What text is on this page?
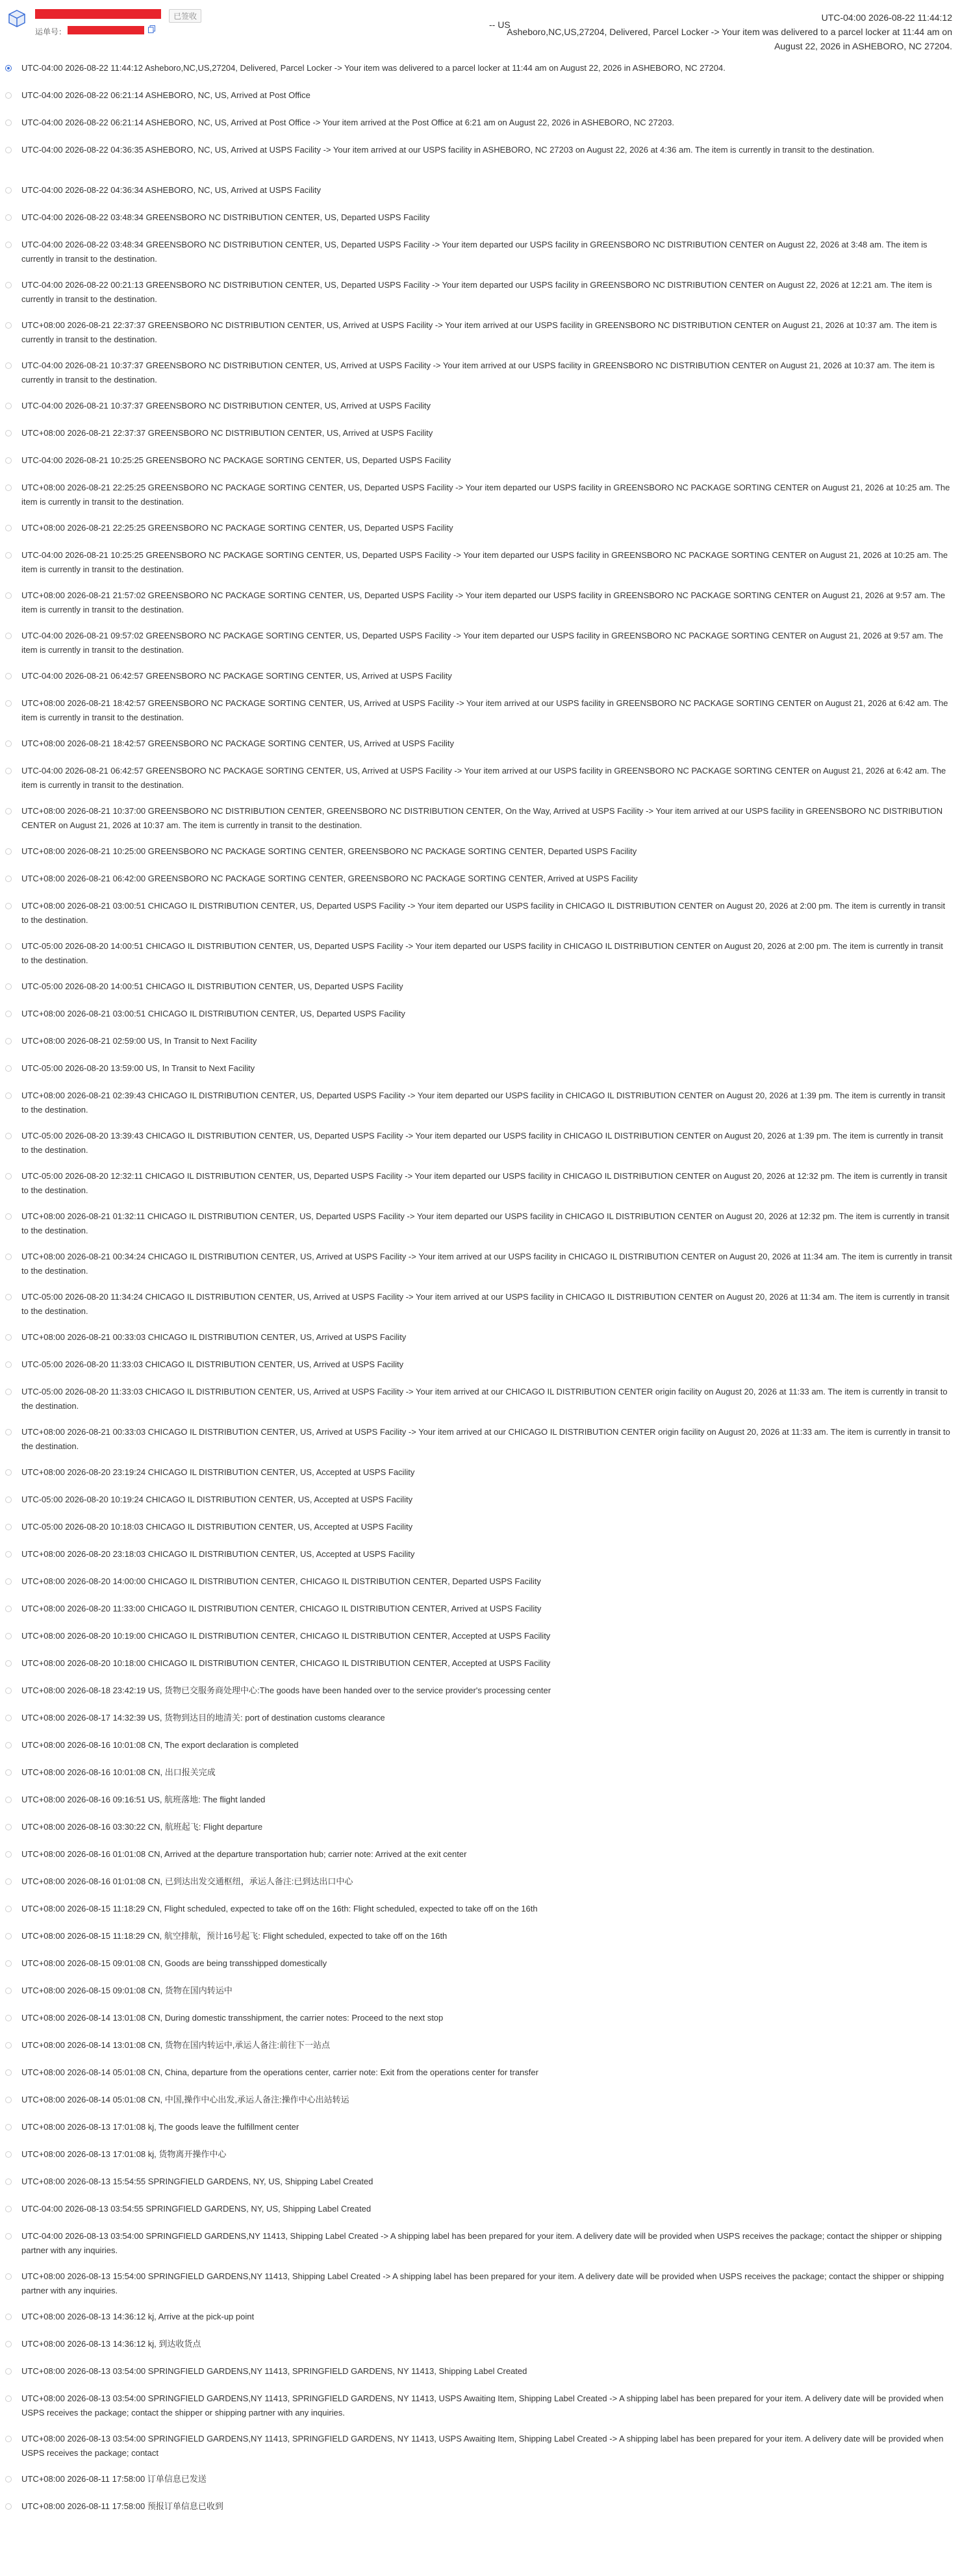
已签收
运单号：
-- US
UTC-04:00 2026-08-22 11:44:12
Asheboro,NC,US,27204, Delivered, Parcel Locker -> Your item was delivered to a parcel locker at 11:44 am on August 22, 2026 in ASHEBORO, NC 27204.
UTC-04:00 2026-08-22 11:44:12 Asheboro,NC,US,27204, Delivered, Parcel Locker -> Your item was delivered to a parcel locker at 11:44 am on August 22, 2026 in ASHEBORO, NC 27204.
UTC-04:00 2026-08-22 06:21:14 ASHEBORO, NC, US, Arrived at Post Office
UTC-04:00 2026-08-22 06:21:14 ASHEBORO, NC, US, Arrived at Post Office -> Your item arrived at the Post Office at 6:21 am on August 22, 2026 in ASHEBORO, NC 27203.
UTC-04:00 2026-08-22 04:36:35 ASHEBORO, NC, US, Arrived at USPS Facility -> Your item arrived at our USPS facility in ASHEBORO, NC 27203 on August 22, 2026 at 4:36 am. The item is currently in transit to the destination.
UTC-04:00 2026-08-22 04:36:34 ASHEBORO, NC, US, Arrived at USPS Facility
UTC-04:00 2026-08-22 03:48:34 GREENSBORO NC DISTRIBUTION CENTER, US, Departed USPS Facility
UTC-04:00 2026-08-22 03:48:34 GREENSBORO NC DISTRIBUTION CENTER, US, Departed USPS Facility -> Your item departed our USPS facility in GREENSBORO NC DISTRIBUTION CENTER on August 22, 2026 at 3:48 am. The item is currently in transit to the destination.
UTC-04:00 2026-08-22 00:21:13 GREENSBORO NC DISTRIBUTION CENTER, US, Departed USPS Facility -> Your item departed our USPS facility in GREENSBORO NC DISTRIBUTION CENTER on August 22, 2026 at 12:21 am. The item is currently in transit to the destination.
UTC+08:00 2026-08-21 22:37:37 GREENSBORO NC DISTRIBUTION CENTER, US, Arrived at USPS Facility -> Your item arrived at our USPS facility in GREENSBORO NC DISTRIBUTION CENTER on August 21, 2026 at 10:37 am. The item is currently in transit to the destination.
UTC-04:00 2026-08-21 10:37:37 GREENSBORO NC DISTRIBUTION CENTER, US, Arrived at USPS Facility -> Your item arrived at our USPS facility in GREENSBORO NC DISTRIBUTION CENTER on August 21, 2026 at 10:37 am. The item is currently in transit to the destination.
UTC-04:00 2026-08-21 10:37:37 GREENSBORO NC DISTRIBUTION CENTER, US, Arrived at USPS Facility
UTC+08:00 2026-08-21 22:37:37 GREENSBORO NC DISTRIBUTION CENTER, US, Arrived at USPS Facility
UTC-04:00 2026-08-21 10:25:25 GREENSBORO NC PACKAGE SORTING CENTER, US, Departed USPS Facility
UTC+08:00 2026-08-21 22:25:25 GREENSBORO NC PACKAGE SORTING CENTER, US, Departed USPS Facility -> Your item departed our USPS facility in GREENSBORO NC PACKAGE SORTING CENTER on August 21, 2026 at 10:25 am. The item is currently in transit to the destination.
UTC+08:00 2026-08-21 22:25:25 GREENSBORO NC PACKAGE SORTING CENTER, US, Departed USPS Facility
UTC-04:00 2026-08-21 10:25:25 GREENSBORO NC PACKAGE SORTING CENTER, US, Departed USPS Facility -> Your item departed our USPS facility in GREENSBORO NC PACKAGE SORTING CENTER on August 21, 2026 at 10:25 am. The item is currently in transit to the destination.
UTC+08:00 2026-08-21 21:57:02 GREENSBORO NC PACKAGE SORTING CENTER, US, Departed USPS Facility -> Your item departed our USPS facility in GREENSBORO NC PACKAGE SORTING CENTER on August 21, 2026 at 9:57 am. The item is currently in transit to the destination.
UTC-04:00 2026-08-21 09:57:02 GREENSBORO NC PACKAGE SORTING CENTER, US, Departed USPS Facility -> Your item departed our USPS facility in GREENSBORO NC PACKAGE SORTING CENTER on August 21, 2026 at 9:57 am. The item is currently in transit to the destination.
UTC-04:00 2026-08-21 06:42:57 GREENSBORO NC PACKAGE SORTING CENTER, US, Arrived at USPS Facility
UTC+08:00 2026-08-21 18:42:57 GREENSBORO NC PACKAGE SORTING CENTER, US, Arrived at USPS Facility -> Your item arrived at our USPS facility in GREENSBORO NC PACKAGE SORTING CENTER on August 21, 2026 at 6:42 am. The item is currently in transit to the destination.
UTC+08:00 2026-08-21 18:42:57 GREENSBORO NC PACKAGE SORTING CENTER, US, Arrived at USPS Facility
UTC-04:00 2026-08-21 06:42:57 GREENSBORO NC PACKAGE SORTING CENTER, US, Arrived at USPS Facility -> Your item arrived at our USPS facility in GREENSBORO NC PACKAGE SORTING CENTER on August 21, 2026 at 6:42 am. The item is currently in transit to the destination.
UTC+08:00 2026-08-21 10:37:00 GREENSBORO NC DISTRIBUTION CENTER, GREENSBORO NC DISTRIBUTION CENTER, On the Way, Arrived at USPS Facility -> Your item arrived at our USPS facility in GREENSBORO NC DISTRIBUTION CENTER on August 21, 2026 at 10:37 am. The item is currently in transit to the destination.
UTC+08:00 2026-08-21 10:25:00 GREENSBORO NC PACKAGE SORTING CENTER, GREENSBORO NC PACKAGE SORTING CENTER, Departed USPS Facility
UTC+08:00 2026-08-21 06:42:00 GREENSBORO NC PACKAGE SORTING CENTER, GREENSBORO NC PACKAGE SORTING CENTER, Arrived at USPS Facility
UTC+08:00 2026-08-21 03:00:51 CHICAGO IL DISTRIBUTION CENTER, US, Departed USPS Facility -> Your item departed our USPS facility in CHICAGO IL DISTRIBUTION CENTER on August 20, 2026 at 2:00 pm. The item is currently in transit to the destination.
UTC-05:00 2026-08-20 14:00:51 CHICAGO IL DISTRIBUTION CENTER, US, Departed USPS Facility -> Your item departed our USPS facility in CHICAGO IL DISTRIBUTION CENTER on August 20, 2026 at 2:00 pm. The item is currently in transit to the destination.
UTC-05:00 2026-08-20 14:00:51 CHICAGO IL DISTRIBUTION CENTER, US, Departed USPS Facility
UTC+08:00 2026-08-21 03:00:51 CHICAGO IL DISTRIBUTION CENTER, US, Departed USPS Facility
UTC+08:00 2026-08-21 02:59:00 US, In Transit to Next Facility
UTC-05:00 2026-08-20 13:59:00 US, In Transit to Next Facility
UTC+08:00 2026-08-21 02:39:43 CHICAGO IL DISTRIBUTION CENTER, US, Departed USPS Facility -> Your item departed our USPS facility in CHICAGO IL DISTRIBUTION CENTER on August 20, 2026 at 1:39 pm. The item is currently in transit to the destination.
UTC-05:00 2026-08-20 13:39:43 CHICAGO IL DISTRIBUTION CENTER, US, Departed USPS Facility -> Your item departed our USPS facility in CHICAGO IL DISTRIBUTION CENTER on August 20, 2026 at 1:39 pm. The item is currently in transit to the destination.
UTC-05:00 2026-08-20 12:32:11 CHICAGO IL DISTRIBUTION CENTER, US, Departed USPS Facility -> Your item departed our USPS facility in CHICAGO IL DISTRIBUTION CENTER on August 20, 2026 at 12:32 pm. The item is currently in transit to the destination.
UTC+08:00 2026-08-21 01:32:11 CHICAGO IL DISTRIBUTION CENTER, US, Departed USPS Facility -> Your item departed our USPS facility in CHICAGO IL DISTRIBUTION CENTER on August 20, 2026 at 12:32 pm. The item is currently in transit to the destination.
UTC+08:00 2026-08-21 00:34:24 CHICAGO IL DISTRIBUTION CENTER, US, Arrived at USPS Facility -> Your item arrived at our USPS facility in CHICAGO IL DISTRIBUTION CENTER on August 20, 2026 at 11:34 am. The item is currently in transit to the destination.
UTC-05:00 2026-08-20 11:34:24 CHICAGO IL DISTRIBUTION CENTER, US, Arrived at USPS Facility -> Your item arrived at our USPS facility in CHICAGO IL DISTRIBUTION CENTER on August 20, 2026 at 11:34 am. The item is currently in transit to the destination.
UTC+08:00 2026-08-21 00:33:03 CHICAGO IL DISTRIBUTION CENTER, US, Arrived at USPS Facility
UTC-05:00 2026-08-20 11:33:03 CHICAGO IL DISTRIBUTION CENTER, US, Arrived at USPS Facility
UTC-05:00 2026-08-20 11:33:03 CHICAGO IL DISTRIBUTION CENTER, US, Arrived at USPS Facility -> Your item arrived at our CHICAGO IL DISTRIBUTION CENTER origin facility on August 20, 2026 at 11:33 am. The item is currently in transit to the destination.
UTC+08:00 2026-08-21 00:33:03 CHICAGO IL DISTRIBUTION CENTER, US, Arrived at USPS Facility -> Your item arrived at our CHICAGO IL DISTRIBUTION CENTER origin facility on August 20, 2026 at 11:33 am. The item is currently in transit to the destination.
UTC+08:00 2026-08-20 23:19:24 CHICAGO IL DISTRIBUTION CENTER, US, Accepted at USPS Facility
UTC-05:00 2026-08-20 10:19:24 CHICAGO IL DISTRIBUTION CENTER, US, Accepted at USPS Facility
UTC-05:00 2026-08-20 10:18:03 CHICAGO IL DISTRIBUTION CENTER, US, Accepted at USPS Facility
UTC+08:00 2026-08-20 23:18:03 CHICAGO IL DISTRIBUTION CENTER, US, Accepted at USPS Facility
UTC+08:00 2026-08-20 14:00:00 CHICAGO IL DISTRIBUTION CENTER, CHICAGO IL DISTRIBUTION CENTER, Departed USPS Facility
UTC+08:00 2026-08-20 11:33:00 CHICAGO IL DISTRIBUTION CENTER, CHICAGO IL DISTRIBUTION CENTER, Arrived at USPS Facility
UTC+08:00 2026-08-20 10:19:00 CHICAGO IL DISTRIBUTION CENTER, CHICAGO IL DISTRIBUTION CENTER, Accepted at USPS Facility
UTC+08:00 2026-08-20 10:18:00 CHICAGO IL DISTRIBUTION CENTER, CHICAGO IL DISTRIBUTION CENTER, Accepted at USPS Facility
UTC+08:00 2026-08-18 23:42:19 US, 货物已交服务商处理中心:The goods have been handed over to the service provider's processing center
UTC+08:00 2026-08-17 14:32:39 US, 货物到达目的地清关: port of destination customs clearance
UTC+08:00 2026-08-16 10:01:08 CN, The export declaration is completed
UTC+08:00 2026-08-16 10:01:08 CN, 出口报关完成
UTC+08:00 2026-08-16 09:16:51 US, 航班落地: The flight landed
UTC+08:00 2026-08-16 03:30:22 CN, 航班起飞: Flight departure
UTC+08:00 2026-08-16 01:01:08 CN, Arrived at the departure transportation hub; carrier note: Arrived at the exit center
UTC+08:00 2026-08-16 01:01:08 CN, 已到达出发交通枢纽，承运人备注:已到达出口中心
UTC+08:00 2026-08-15 11:18:29 CN, Flight scheduled, expected to take off on the 16th: Flight scheduled, expected to take off on the 16th
UTC+08:00 2026-08-15 11:18:29 CN, 航空排航，预计16号起飞: Flight scheduled, expected to take off on the 16th
UTC+08:00 2026-08-15 09:01:08 CN, Goods are being transshipped domestically
UTC+08:00 2026-08-15 09:01:08 CN, 货物在国内转运中
UTC+08:00 2026-08-14 13:01:08 CN, During domestic transshipment, the carrier notes: Proceed to the next stop
UTC+08:00 2026-08-14 13:01:08 CN, 货物在国内转运中,承运人备注:前往下一站点
UTC+08:00 2026-08-14 05:01:08 CN, China, departure from the operations center, carrier note: Exit from the operations center for transfer
UTC+08:00 2026-08-14 05:01:08 CN, 中国,操作中心出发,承运人备注:操作中心出站转运
UTC+08:00 2026-08-13 17:01:08 kj, The goods leave the fulfillment center
UTC+08:00 2026-08-13 17:01:08 kj, 货物离开操作中心
UTC+08:00 2026-08-13 15:54:55 SPRINGFIELD GARDENS, NY, US, Shipping Label Created
UTC-04:00 2026-08-13 03:54:55 SPRINGFIELD GARDENS, NY, US, Shipping Label Created
UTC-04:00 2026-08-13 03:54:00 SPRINGFIELD GARDENS,NY 11413, Shipping Label Created -> A shipping label has been prepared for your item. A delivery date will be provided when USPS receives the package; contact the shipper or shipping partner with any inquiries.
UTC+08:00 2026-08-13 15:54:00 SPRINGFIELD GARDENS,NY 11413, Shipping Label Created -> A shipping label has been prepared for your item. A delivery date will be provided when USPS receives the package; contact the shipper or shipping partner with any inquiries.
UTC+08:00 2026-08-13 14:36:12 kj, Arrive at the pick-up point
UTC+08:00 2026-08-13 14:36:12 kj, 到达收货点
UTC+08:00 2026-08-13 03:54:00 SPRINGFIELD GARDENS,NY 11413, SPRINGFIELD GARDENS, NY 11413, Shipping Label Created
UTC+08:00 2026-08-13 03:54:00 SPRINGFIELD GARDENS,NY 11413, SPRINGFIELD GARDENS, NY 11413, USPS Awaiting Item, Shipping Label Created -> A shipping label has been prepared for your item. A delivery date will be provided when USPS receives the package; contact the shipper or shipping partner with any inquiries.
UTC+08:00 2026-08-13 03:54:00 SPRINGFIELD GARDENS,NY 11413, SPRINGFIELD GARDENS, NY 11413, USPS Awaiting Item, Shipping Label Created -> A shipping label has been prepared for your item. A delivery date will be provided when USPS receives the package; contact
UTC+08:00 2026-08-11 17:58:00 订单信息已发送
UTC+08:00 2026-08-11 17:58:00 预报订单信息已收到
